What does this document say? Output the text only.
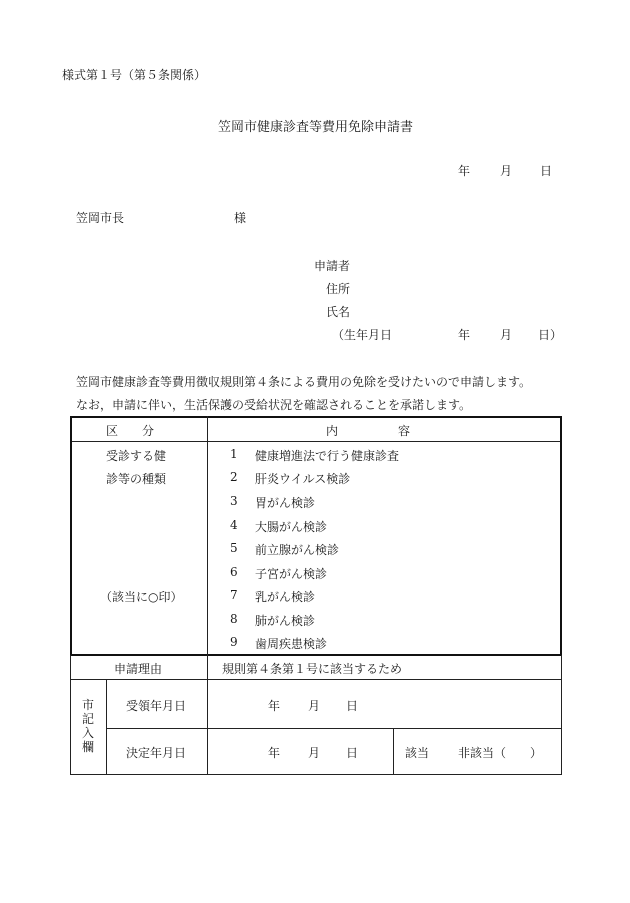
様式第１号（第５条関係）
笠岡市健康診査等費用免除申請書
年 月 日
笠岡市長	様
申請者
住所
氏名
（生年月日	年 月 日）
笠岡市健康診査等費用徴収規則第４条による費用の免除を受けたいので申請します。
なお，申請に伴い，生活保護の受給状況を確認されることを承諾します。
区　　分	内　　　　　容
受診する健
診等の種類
（該当に○印）
1 健康増進法で行う健康診査
2 肝炎ウイルス検診
3 胃がん検診
4 大腸がん検診
5 前立腺がん検診
6 子宮がん検診
7 乳がん検診
8 肺がん検診
9 歯周疾患検診
申請理由	規則第４条第１号に該当するため
市記入欄
受領年月日	年 月 日
決定年月日	年 月 日	該当 非該当（　　）
